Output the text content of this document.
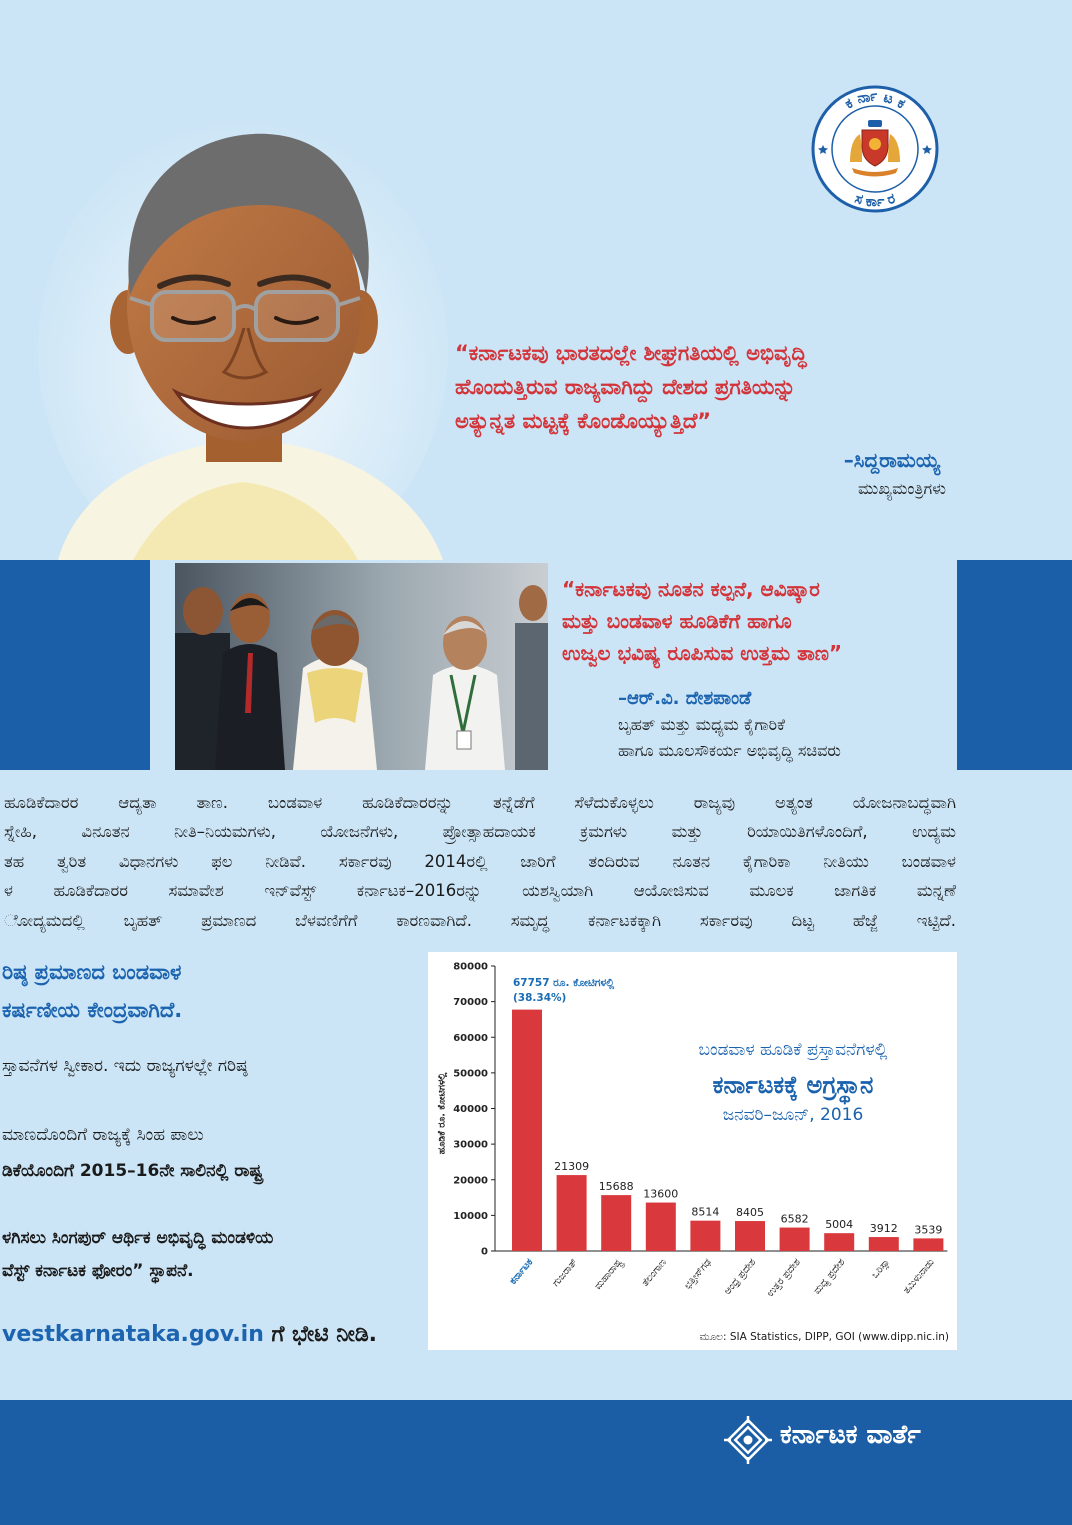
ಕ ರ್ನಾ ಟ ಕ
ಸ ರ್ಕಾ ರ
“ಕರ್ನಾಟಕವು ಭಾರತದಲ್ಲೇ ಶೀಘ್ರಗತಿಯಲ್ಲಿ ಅಭಿವೃದ್ಧಿ
ಹೊಂದುತ್ತಿರುವ ರಾಜ್ಯವಾಗಿದ್ದು ದೇಶದ ಪ್ರಗತಿಯನ್ನು
ಅತ್ಯುನ್ನತ ಮಟ್ಟಕ್ಕೆ ಕೊಂಡೊಯ್ಯುತ್ತಿದೆ”
–ಸಿದ್ದರಾಮಯ್ಯ
ಮುಖ್ಯಮಂತ್ರಿಗಳು
“ಕರ್ನಾಟಕವು ನೂತನ ಕಲ್ಪನೆ, ಆವಿಷ್ಕಾರ
ಮತ್ತು ಬಂಡವಾಳ ಹೂಡಿಕೆಗೆ ಹಾಗೂ
ಉಜ್ವಲ ಭವಿಷ್ಯ ರೂಪಿಸುವ ಉತ್ತಮ ತಾಣ”
–ಆರ್.ವಿ. ದೇಶಪಾಂಡೆ
ಬೃಹತ್ ಮತ್ತು ಮಧ್ಯಮ ಕೈಗಾರಿಕೆ
ಹಾಗೂ ಮೂಲಸೌಕರ್ಯ ಅಭಿವೃದ್ಧಿ ಸಚಿವರು
ಹೂಡಿಕೆದಾರರ ಆದ್ಯತಾ ತಾಣ. ಬಂಡವಾಳ ಹೂಡಿಕೆದಾರರನ್ನು ತನ್ನೆಡೆಗೆ ಸೆಳೆದುಕೊಳ್ಳಲು ರಾಜ್ಯವು ಅತ್ಯಂತ ಯೋಜನಾಬದ್ಧವಾಗಿ
ಸ್ನೇಹಿ, ವಿನೂತನ ನೀತಿ–ನಿಯಮಗಳು, ಯೋಜನೆಗಳು, ಪ್ರೋತ್ಸಾಹದಾಯಕ ಕ್ರಮಗಳು ಮತ್ತು ರಿಯಾಯಿತಿಗಳೊಂದಿಗೆ, ಉದ್ಯಮ
ತಹ ತ್ವರಿತ ವಿಧಾನಗಳು ಫಲ ನೀಡಿವೆ. ಸರ್ಕಾರವು 2014ರಲ್ಲಿ ಜಾರಿಗೆ ತಂದಿರುವ ನೂತನ ಕೈಗಾರಿಕಾ ನೀತಿಯು ಬಂಡವಾಳ
ಳ ಹೂಡಿಕೆದಾರರ ಸಮಾವೇಶ ಇನ್‌ವೆಸ್ಟ್ ಕರ್ನಾಟಕ–2016ರನ್ನು ಯಶಸ್ವಿಯಾಗಿ ಆಯೋಜಿಸುವ ಮೂಲಕ ಜಾಗತಿಕ ಮನ್ನಣೆ
ೋದ್ಯಮದಲ್ಲಿ ಬೃಹತ್ ಪ್ರಮಾಣದ ಬೆಳವಣಿಗೆಗೆ ಕಾರಣವಾಗಿದೆ. ಸಮೃದ್ಧ ಕರ್ನಾಟಕಕ್ಕಾಗಿ ಸರ್ಕಾರವು ದಿಟ್ಟ ಹೆಜ್ಜೆ ಇಟ್ಟಿದೆ.
ರಿಷ್ಠ ಪ್ರಮಾಣದ ಬಂಡವಾಳ
ಕರ್ಷಣೀಯ ಕೇಂದ್ರವಾಗಿದೆ.
ಸ್ತಾವನೆಗಳ ಸ್ವೀಕಾರ. ಇದು ರಾಜ್ಯಗಳಲ್ಲೇ ಗರಿಷ್ಠ
ಮಾಣದೊಂದಿಗೆ ರಾಜ್ಯಕ್ಕೆ ಸಿಂಹ ಪಾಲು
ಡಿಕೆಯೊಂದಿಗೆ 2015–16ನೇ ಸಾಲಿನಲ್ಲಿ ರಾಷ್ಟ್ರ
ಳಗಿಸಲು ಸಿಂಗಪುರ್ ಆರ್ಥಿಕ ಅಭಿವೃದ್ಧಿ ಮಂಡಳಿಯ
ವೆಸ್ಟ್ ಕರ್ನಾಟಕ ಫೋರಂ” ಸ್ಥಾಪನೆ.
vestkarnataka.gov.in ಗೆ ಭೇಟಿ ನೀಡಿ.
0
10000
20000
30000
40000
50000
60000
70000
80000
ಕರ್ನಾಟಕ
21309
ಗುಜರಾತ್
15688
ಮಹಾರಾಷ್ಟ್ರ
13600
ತೆಲಂಗಾಣ
8514
ಛತ್ತೀಸ್‌ಗಢ
8405
ಆಂಧ್ರ ಪ್ರದೇಶ
6582
ಉತ್ತರ ಪ್ರದೇಶ
5004
ಮಧ್ಯ ಪ್ರದೇಶ
3912
ಒರಿಸ್ಸಾ
3539
ತಮಿಳುನಾಡು
67757 ರೂ. ಕೋಟಿಗಳಲ್ಲಿ
(38.34%)
ಬಂಡವಾಳ ಹೂಡಿಕೆ ಪ್ರಸ್ತಾವನೆಗಳಲ್ಲಿ
ಕರ್ನಾಟಕಕ್ಕೆ ಅಗ್ರಸ್ಥಾನ
ಜನವರಿ–ಜೂನ್, 2016
ಹೂಡಿಕೆ ರೂ. ಕೋಟಿಗಳಲ್ಲಿ
ಮೂಲ: SIA Statistics, DIPP, GOI (www.dipp.nic.in)
ಕರ್ನಾಟಕ ವಾರ್ತೆ
